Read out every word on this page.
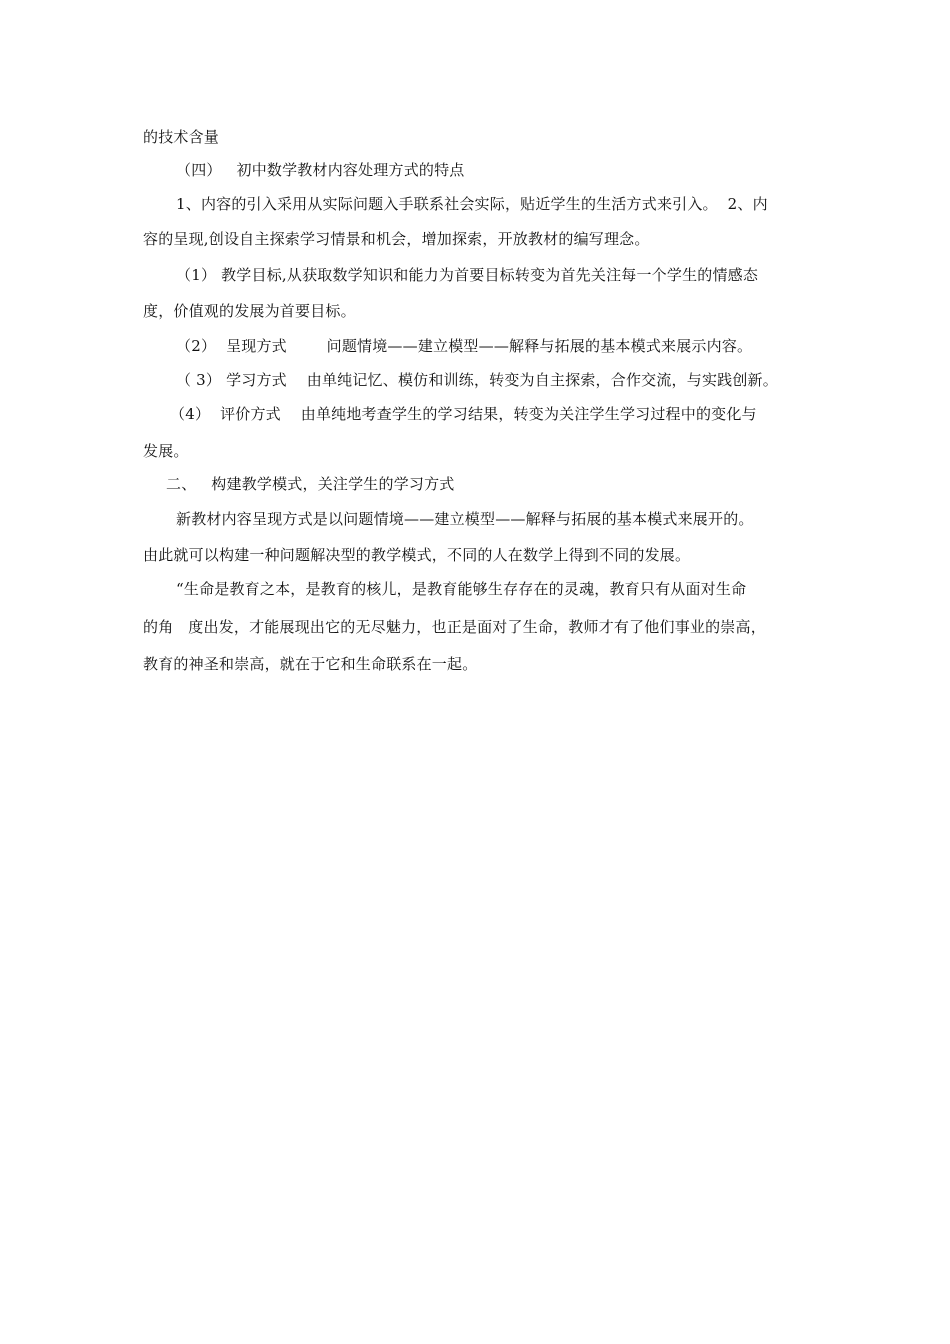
的技术含量
（四）   初中数学教材内容处理方式的特点
1、内容的引入采用从实际问题入手联系社会实际，贴近学生的生活方式来引入。  2、内
容的呈现,创设自主探索学习情景和机会，增加探索，开放教材的编写理念。
（1） 教学目标,从获取数学知识和能力为首要目标转变为首先关注每一个学生的情感态
度，价值观的发展为首要目标。
（2）  呈现方式        问题情境——建立模型——解释与拓展的基本模式来展示内容。
（ 3） 学习方式    由单纯记忆、模仿和训练，转变为自主探索，合作交流，与实践创新。
（4）  评价方式    由单纯地考查学生的学习结果，转变为关注学生学习过程中的变化与
发展。
二、   构建教学模式，关注学生的学习方式
新教材内容呈现方式是以问题情境——建立模型——解释与拓展的基本模式来展开的。
由此就可以构建一种问题解决型的教学模式，不同的人在数学上得到不同的发展。
“生命是教育之本，是教育的核儿，是教育能够生存存在的灵魂，教育只有从面对生命
的角   度出发，才能展现出它的无尽魅力，也正是面对了生命，教师才有了他们事业的崇高，
教育的神圣和崇高，就在于它和生命联系在一起。
